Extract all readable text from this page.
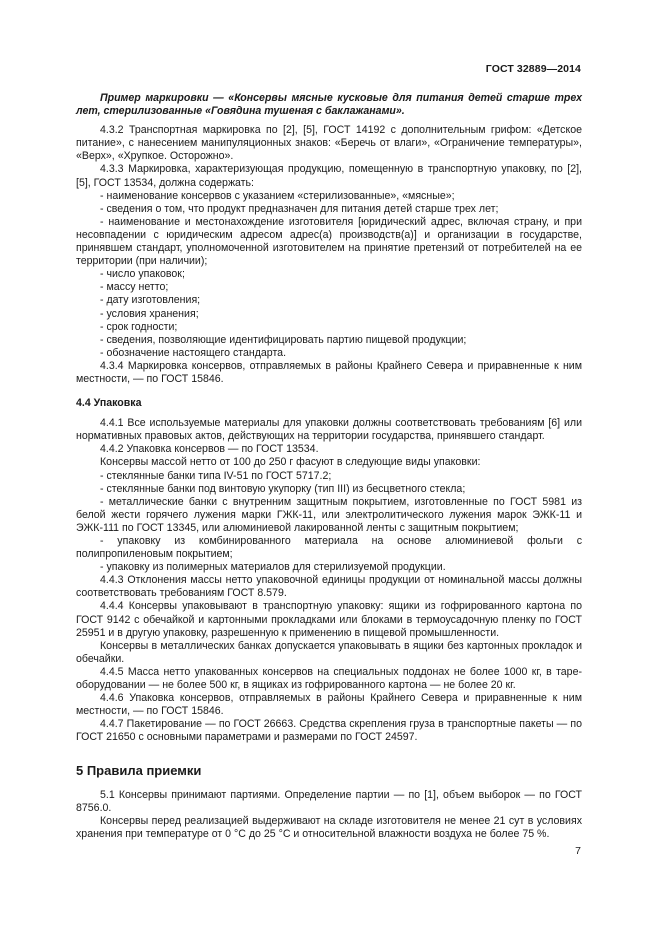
ГОСТ 32889—2014

Пример маркировки — «Консервы мясные кусковые для питания детей старше трех лет, стерилизованные «Говядина тушеная с баклажанами».

4.3.2 Транспортная маркировка по [2], [5], ГОСТ 14192 с дополнительным грифом: «Детское питание», с нанесением манипуляционных знаков: «Беречь от влаги», «Ограничение температуры», «Верх», «Хрупкое. Осторожно».

4.3.3 Маркировка, характеризующая продукцию, помещенную в транспортную упаковку, по [2], [5], ГОСТ 13534, должна содержать:

- наименование консервов с указанием «стерилизованные», «мясные»;

- сведения о том, что продукт предназначен для питания детей старше трех лет;

- наименование и местонахождение изготовителя [юридический адрес, включая страну, и при несовпадении с юридическим адресом адрес(а) производств(а)] и организации в государстве, принявшем стандарт, уполномоченной изготовителем на принятие претензий от потребителей на ее территории (при наличии);

- число упаковок;

- массу нетто;

- дату изготовления;

- условия хранения;

- срок годности;

- сведения, позволяющие идентифицировать партию пищевой продукции;

- обозначение настоящего стандарта.

4.3.4 Маркировка консервов, отправляемых в районы Крайнего Севера и приравненные к ним местности, — по ГОСТ 15846.

4.4 Упаковка

4.4.1 Все используемые материалы для упаковки должны соответствовать требованиям [6] или нормативных правовых актов, действующих на территории государства, принявшего стандарт.

4.4.2 Упаковка консервов — по ГОСТ 13534.

Консервы массой нетто от 100 до 250 г фасуют в следующие виды упаковки:

- стеклянные банки типа IV-51 по ГОСТ 5717.2;

- стеклянные банки под винтовую укупорку (тип III) из бесцветного стекла;

- металлические банки с внутренним защитным покрытием, изготовленные по ГОСТ 5981 из белой жести горячего лужения марки ГЖК-11, или электролитического лужения марок ЭЖК-11 и ЭЖК-111 по ГОСТ 13345, или алюминиевой лакированной ленты с защитным покрытием;

- упаковку из комбинированного материала на основе алюминиевой фольги с полипропиленовым покрытием;

- упаковку из полимерных материалов для стерилизуемой продукции.

4.4.3 Отклонения массы нетто упаковочной единицы продукции от номинальной массы должны соответствовать требованиям ГОСТ 8.579.

4.4.4 Консервы упаковывают в транспортную упаковку: ящики из гофрированного картона по ГОСТ 9142 с обечайкой и картонными прокладками или блоками в термоусадочную пленку по ГОСТ 25951 и в другую упаковку, разрешенную к применению в пищевой промышленности.

Консервы в металлических банках допускается упаковывать в ящики без картонных прокладок и обечайки.

4.4.5 Масса нетто упакованных консервов на специальных поддонах не более 1000 кг, в таре-оборудовании — не более 500 кг, в ящиках из гофрированного картона — не более 20 кг.

4.4.6 Упаковка консервов, отправляемых в районы Крайнего Севера и приравненные к ним местности, — по ГОСТ 15846.

4.4.7 Пакетирование — по ГОСТ 26663. Средства скрепления груза в транспортные пакеты — по ГОСТ 21650 с основными параметрами и размерами по ГОСТ 24597.

5 Правила приемки

5.1 Консервы принимают партиями. Определение партии — по [1], объем выборок — по ГОСТ 8756.0.

Консервы перед реализацией выдерживают на складе изготовителя не менее 21 сут в условиях хранения при температуре от 0 °С до 25 °С и относительной влажности воздуха не более 75 %.

7
